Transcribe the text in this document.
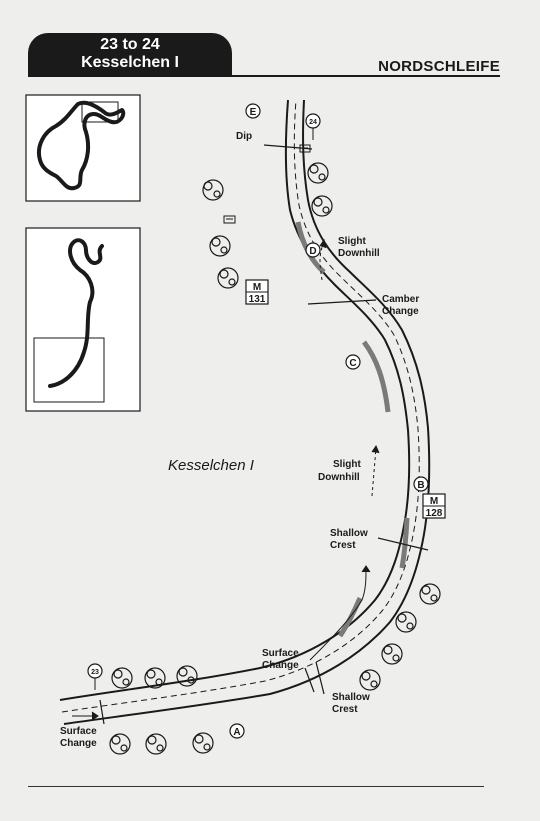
23 to 24
Kesselchen I	NORDSCHLEIFE
23
24
E
D
C
B
A
M
131
M
128
Dip
Slight
Downhill
Camber
Change
Kesselchen I	Slight
Downhill
Shallow
Crest
Surface
Change
Shallow
Crest
Surface
Change
